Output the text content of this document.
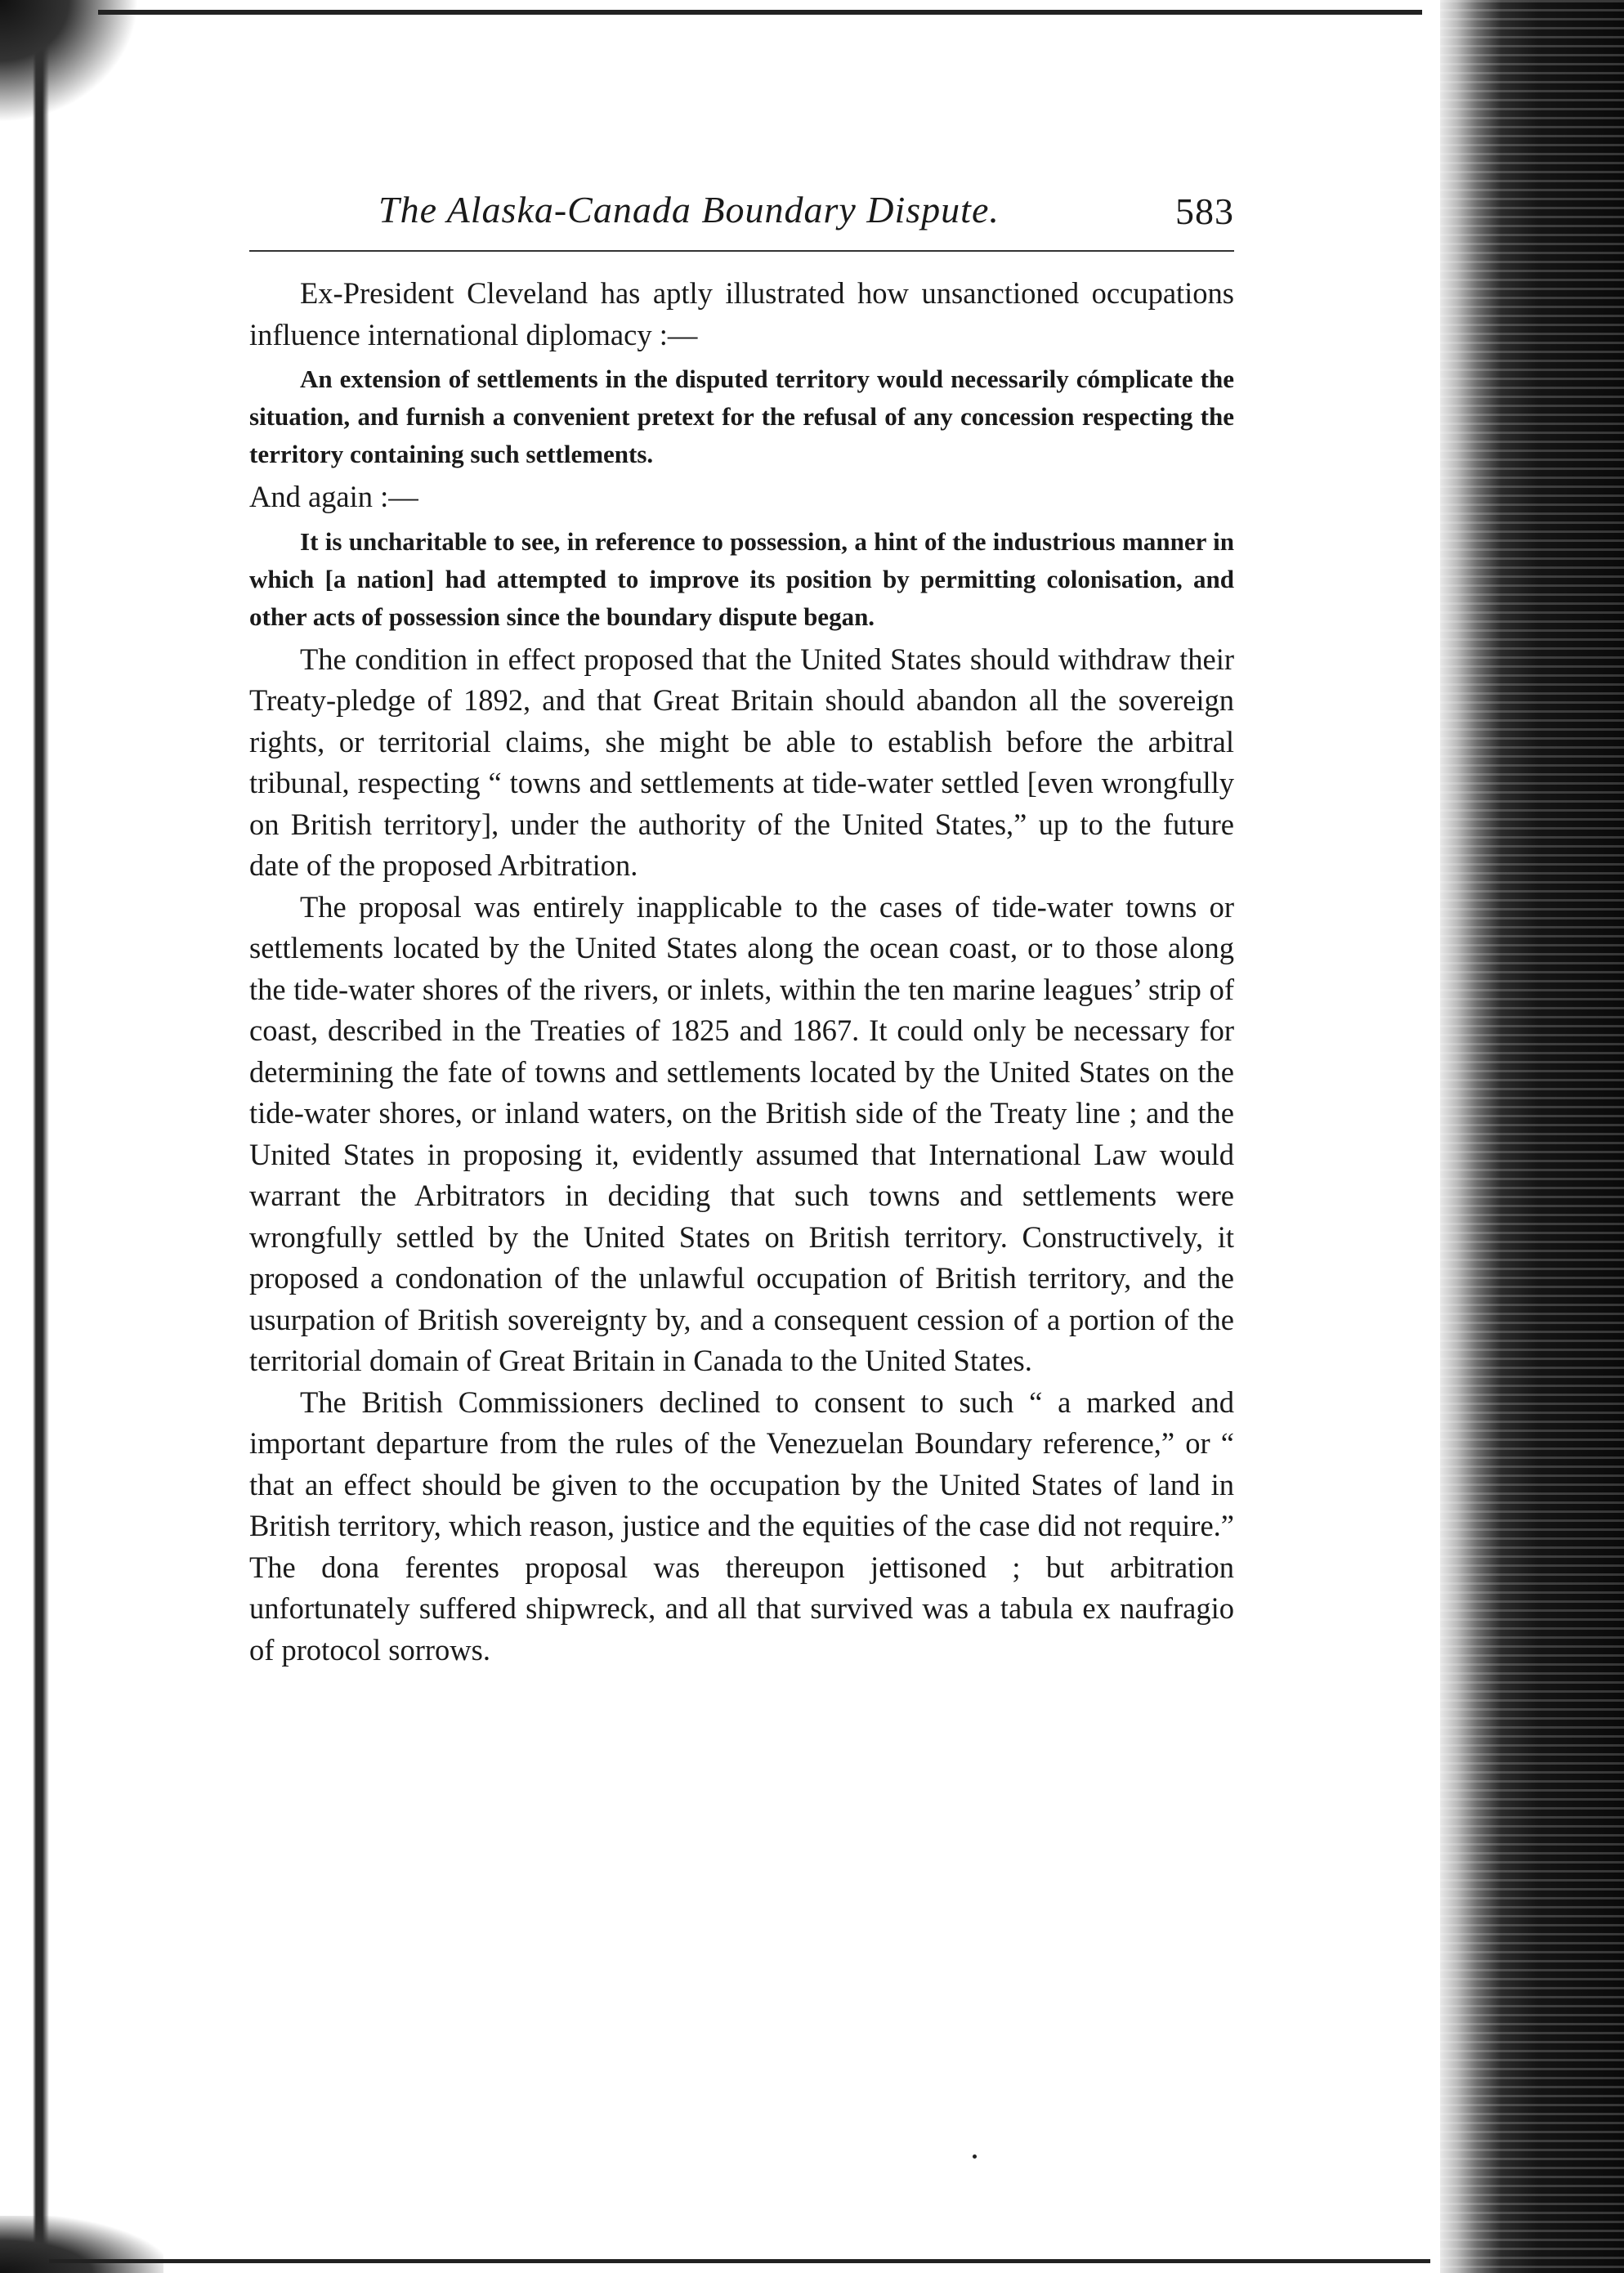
The Alaska-Canada Boundary Dispute.	583

Ex-President Cleveland has aptly illustrated how unsanctioned occupations influence international diplomacy :—

An extension of settlements in the disputed territory would necessarily cómplicate the situation, and furnish a convenient pretext for the refusal of any concession respecting the territory containing such settlements.

And again :—

It is uncharitable to see, in reference to possession, a hint of the industrious manner in which [a nation] had attempted to improve its position by permitting colonisation, and other acts of possession since the boundary dispute began.

The condition in effect proposed that the United States should withdraw their Treaty-pledge of 1892, and that Great Britain should abandon all the sovereign rights, or territorial claims, she might be able to establish before the arbitral tribunal, respecting “ towns and settlements at tide-water settled [even wrongfully on British territory], under the authority of the United States,” up to the future date of the proposed Arbitration.

The proposal was entirely inapplicable to the cases of tide-water towns or settlements located by the United States along the ocean coast, or to those along the tide-water shores of the rivers, or inlets, within the ten marine leagues’ strip of coast, described in the Treaties of 1825 and 1867. It could only be necessary for determining the fate of towns and settlements located by the United States on the tide-water shores, or inland waters, on the British side of the Treaty line ; and the United States in proposing it, evidently assumed that International Law would warrant the Arbitrators in deciding that such towns and settlements were wrongfully settled by the United States on British territory. Constructively, it proposed a condonation of the unlawful occupation of British territory, and the usurpation of British sovereignty by, and a consequent cession of a portion of the territorial domain of Great Britain in Canada to the United States.

The British Commissioners declined to consent to such “ a marked and important departure from the rules of the Venezuelan Boundary reference,” or “ that an effect should be given to the occupation by the United States of land in British territory, which reason, justice and the equities of the case did not require.” The dona ferentes proposal was thereupon jettisoned ; but arbitration unfortunately suffered shipwreck, and all that survived was a tabula ex naufragio of protocol sorrows.
